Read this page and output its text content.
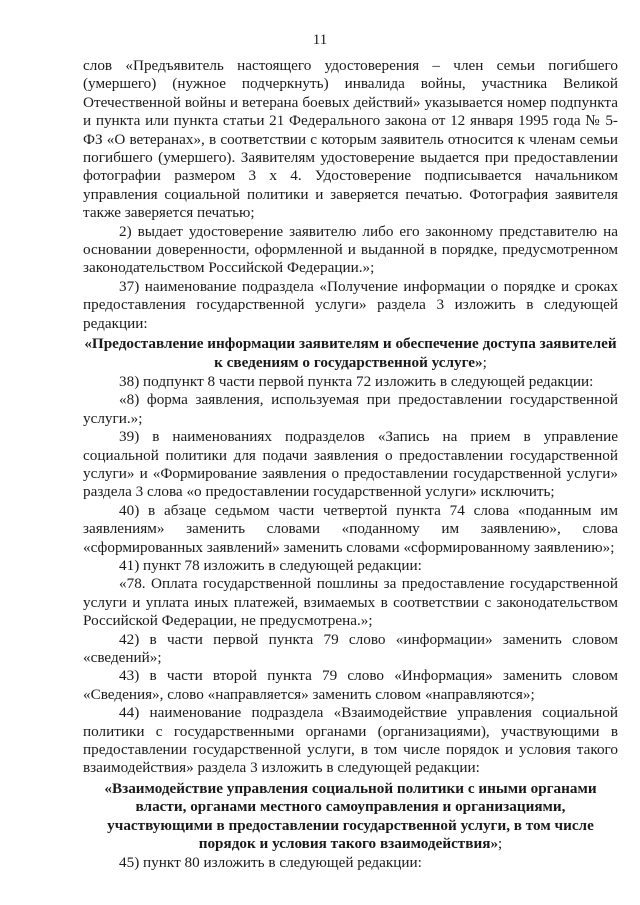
11

слов «Предъявитель настоящего удостоверения – член семьи погибшего (умершего) (нужное подчеркнуть) инвалида войны, участника Великой Отечественной войны и ветерана боевых действий» указывается номер подпункта и пункта или пункта статьи 21 Федерального закона от 12 января 1995 года № 5-ФЗ «О ветеранах», в соответствии с которым заявитель относится к членам семьи погибшего (умершего). Заявителям удостоверение выдается при предоставлении фотографии размером 3 х 4. Удостоверение подписывается начальником управления социальной политики и заверяется печатью. Фотография заявителя также заверяется печатью;

2) выдает удостоверение заявителю либо его законному представителю на основании доверенности, оформленной и выданной в порядке, предусмотренном законодательством Российской Федерации.»;

37) наименование подраздела «Получение информации о порядке и сроках предоставления государственной услуги» раздела 3 изложить в следующей редакции:

«Предоставление информации заявителям и обеспечение доступа заявителей к сведениям о государственной услуге»;

38) подпункт 8 части первой пункта 72 изложить в следующей редакции:

«8) форма заявления, используемая при предоставлении государственной услуги.»;

39) в наименованиях подразделов «Запись на прием в управление социальной политики для подачи заявления о предоставлении государственной услуги» и «Формирование заявления о предоставлении государственной услуги» раздела 3 слова «о предоставлении государственной услуги» исключить;

40) в абзаце седьмом части четвертой пункта 74 слова «поданным им заявлениям» заменить словами «поданному им заявлению», слова «сформированных заявлений» заменить словами «сформированному заявлению»;

41) пункт 78 изложить в следующей редакции:

«78. Оплата государственной пошлины за предоставление государственной услуги и уплата иных платежей, взимаемых в соответствии с законодательством Российской Федерации, не предусмотрена.»;

42) в части первой пункта 79 слово «информации» заменить словом «сведений»;

43) в части второй пункта 79 слово «Информация» заменить словом «Сведения», слово «направляется» заменить словом «направляются»;

44) наименование подраздела «Взаимодействие управления социальной политики с государственными органами (организациями), участвующими в предоставлении государственной услуги, в том числе порядок и условия такого взаимодействия» раздела 3 изложить в следующей редакции:

«Взаимодействие управления социальной политики с иными органами власти, органами местного самоуправления и организациями, участвующими в предоставлении государственной услуги, в том числе порядок и условия такого взаимодействия»;

45) пункт 80 изложить в следующей редакции:
